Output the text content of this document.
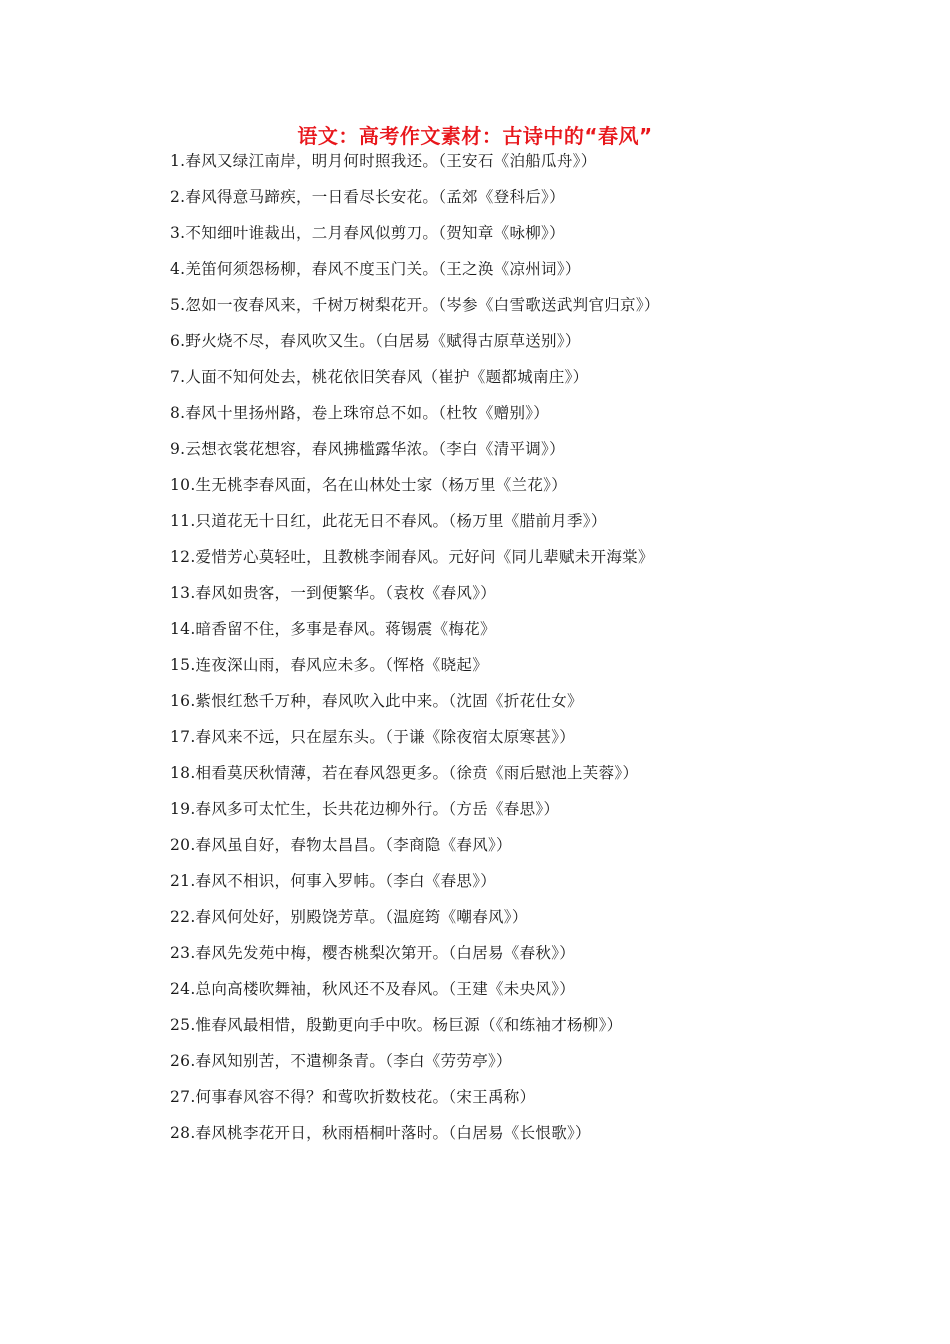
语文：高考作文素材：古诗中的“春风”
1.春风又绿江南岸，明月何时照我还。（王安石《泊船瓜舟》）
2.春风得意马蹄疾，一日看尽长安花。（孟郊《登科后》）
3.不知细叶谁裁出，二月春风似剪刀。（贺知章《咏柳》）
4.羌笛何须怨杨柳，春风不度玉门关。（王之涣《凉州词》）
5.忽如一夜春风来，千树万树梨花开。（岑参《白雪歌送武判官归京》）
6.野火烧不尽，春风吹又生。（白居易《赋得古原草送别》）
7.人面不知何处去，桃花依旧笑春风（崔护《题都城南庄》）
8.春风十里扬州路，卷上珠帘总不如。（杜牧《赠别》）
9.云想衣裳花想容，春风拂槛露华浓。（李白《清平调》）
10.生无桃李春风面，名在山林处士家（杨万里《兰花》）
11.只道花无十日红，此花无日不春风。（杨万里《腊前月季》）
12.爱惜芳心莫轻吐，且教桃李闹春风。元好问《同儿辈赋未开海棠》
13.春风如贵客，一到便繁华。（袁枚《春风》）
14.暗香留不住，多事是春风。蒋锡震《梅花》
15.连夜深山雨，春风应未多。（恽格《晓起》
16.紫恨红愁千万种，春风吹入此中来。（沈固《折花仕女》
17.春风来不远，只在屋东头。（于谦《除夜宿太原寒甚》）
18.相看莫厌秋情薄，若在春风怨更多。（徐贲《雨后慰池上芙蓉》）
19.春风多可太忙生，长共花边柳外行。（方岳《春思》）
20.春风虽自好，春物太昌昌。（李商隐《春风》）
21.春风不相识，何事入罗帏。（李白《春思》）
22.春风何处好，别殿饶芳草。（温庭筠《嘲春风》）
23.春风先发苑中梅，樱杏桃梨次第开。（白居易《春秋》）
24.总向高楼吹舞袖，秋风还不及春风。（王建《未央风》）
25.惟春风最相惜，殷勤更向手中吹。杨巨源（《和练袖才杨柳》）
26.春风知别苦，不遣柳条青。（李白《劳劳亭》）
27.何事春风容不得？和莺吹折数枝花。（宋王禹称）
28.春风桃李花开日，秋雨梧桐叶落时。（白居易《长恨歌》）
